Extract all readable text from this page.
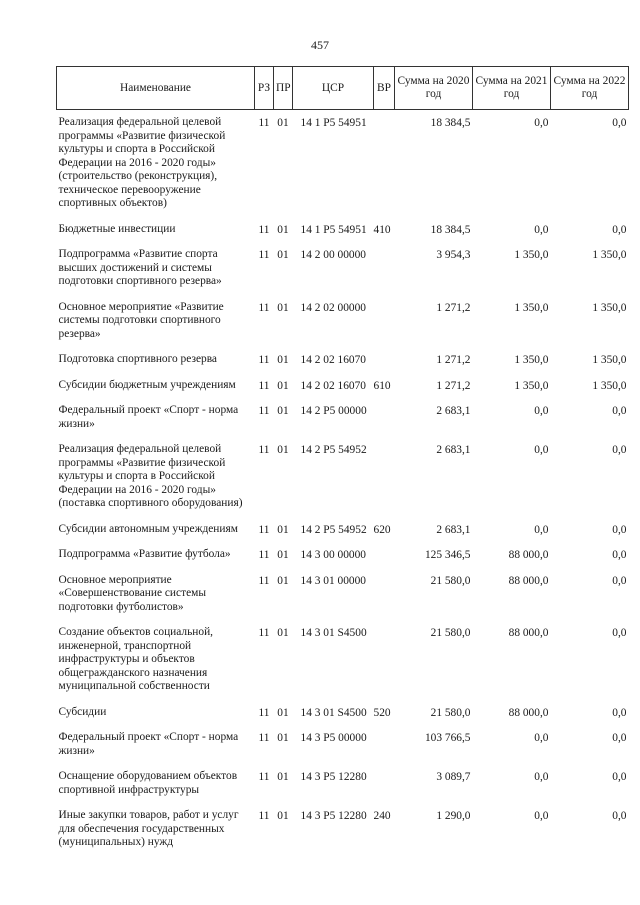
457
Наименование	РЗ	ПР	ЦСР	ВР	Сумма на 2020 год	Сумма на 2021 год	Сумма на 2022 год
Реализация федеральной целевой программы «Развитие физической культуры и спорта в Российской Федерации на 2016 - 2020 годы» (строительство (реконструкция), техническое перевооружение спортивных объектов)	11	01	14 1 P5 54951		18 384,5	0,0	0,0
Бюджетные инвестиции	11	01	14 1 P5 54951	410	18 384,5	0,0	0,0
Подпрограмма «Развитие спорта высших достижений и системы подготовки спортивного резерва»	11	01	14 2 00 00000		3 954,3	1 350,0	1 350,0
Основное мероприятие «Развитие системы подготовки спортивного резерва»	11	01	14 2 02 00000		1 271,2	1 350,0	1 350,0
Подготовка спортивного резерва	11	01	14 2 02 16070		1 271,2	1 350,0	1 350,0
Субсидии бюджетным учреждениям	11	01	14 2 02 16070	610	1 271,2	1 350,0	1 350,0
Федеральный проект «Спорт - норма жизни»	11	01	14 2 P5 00000		2 683,1	0,0	0,0
Реализация федеральной целевой программы «Развитие физической культуры и спорта в Российской Федерации на 2016 - 2020 годы» (поставка спортивного оборудования)	11	01	14 2 P5 54952		2 683,1	0,0	0,0
Субсидии автономным учреждениям	11	01	14 2 P5 54952	620	2 683,1	0,0	0,0
Подпрограмма «Развитие футбола»	11	01	14 3 00 00000		125 346,5	88 000,0	0,0
Основное мероприятие «Совершенствование системы подготовки футболистов»	11	01	14 3 01 00000		21 580,0	88 000,0	0,0
Создание объектов социальной, инженерной, транспортной инфраструктуры и объектов общегражданского назначения муниципальной собственности	11	01	14 3 01 S4500		21 580,0	88 000,0	0,0
Субсидии	11	01	14 3 01 S4500	520	21 580,0	88 000,0	0,0
Федеральный проект «Спорт - норма жизни»	11	01	14 3 P5 00000		103 766,5	0,0	0,0
Оснащение оборудованием объектов спортивной инфраструктуры	11	01	14 3 P5 12280		3 089,7	0,0	0,0
Иные закупки товаров, работ и услуг для обеспечения государственных (муниципальных) нужд	11	01	14 3 P5 12280	240	1 290,0	0,0	0,0
